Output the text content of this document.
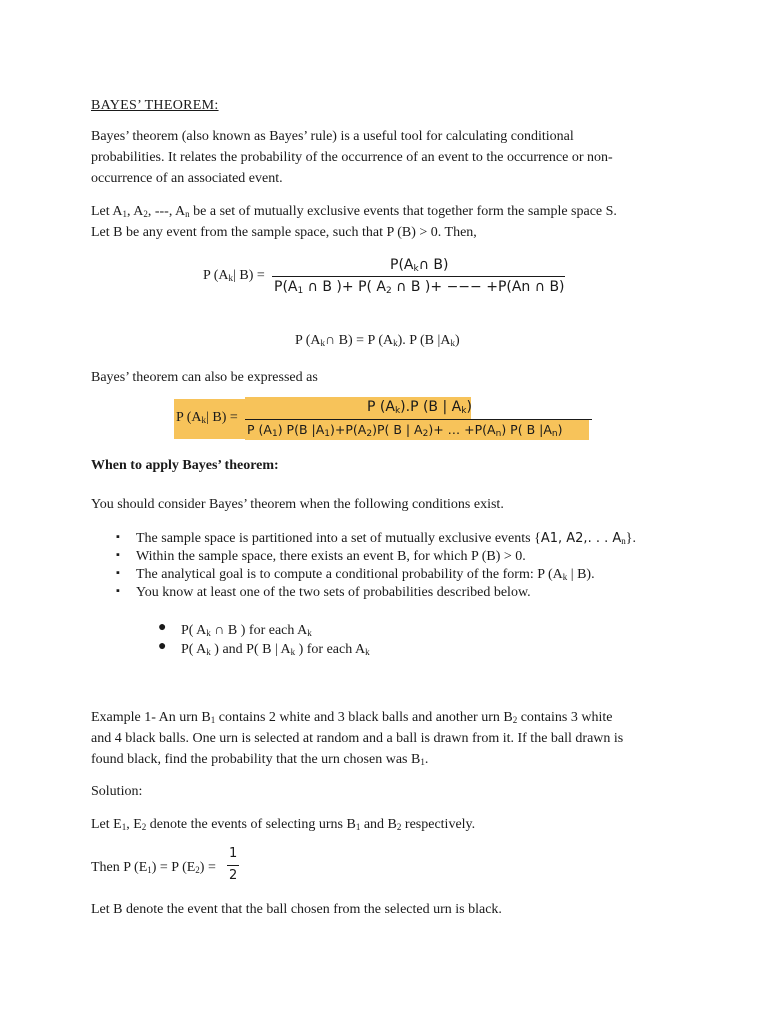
BAYES’ THEOREM:
Bayes’ theorem (also known as Bayes’ rule) is a useful tool for calculating conditional
probabilities. It relates the probability of the occurrence of an event to the occurrence or non-
occurrence of an associated event.
Let $A_1$, $A_2$, ---, $A_n$ be a set of mutually exclusive events that together form the sample space S.
Let B be any event from the sample space, such that P (B) > 0. Then,
P ($A_k|$ B) =
$P(A_k\cap$ B)
$P(A_1$ ∩ B )+ P( $A_2$ ∩ B )+ −−− +P(An ∩ B)
P ($A_k\cap$ B) = P $(A_k)$. P (B $|A_k$)
Bayes’ theorem can also be expressed as
P ($A_k|$ B) =
P $(A_k).P$ (B | $A_k$)
P $(A_1)$ P(B $|A_1)+P(A_2)P$( B | $A_2)+$ … $+P(A_n)$ P( B $|A_n$)
When to apply Bayes’ theorem:
You should consider Bayes’ theorem when the following conditions exist.
▪ The sample space is partitioned into a set of mutually exclusive events {A1, A2,. . . $A_n$}.
▪ Within the sample space, there exists an event B, for which P (B) > 0.
▪ The analytical goal is to compute a conditional probability of the form: P ($A_k$ | B).
▪ You know at least one of the two sets of probabilities described below.
● P( $A_k$ ∩ B ) for each $A_k$
● P( $A_k$ ) and P( B | $A_k$ ) for each $A_k$
Example 1- An urn $B_1$ contains 2 white and 3 black balls and another urn $B_2$ contains 3 white
and 4 black balls. One urn is selected at random and a ball is drawn from it. If the ball drawn is
found black, find the probability that the urn chosen was $B_1$.
Solution:
Let $E_1$, $E_2$ denote the events of selecting urns $B_1$ and $B_2$ respectively.
Then P $(E_1) = P$ $(E_2)$ =
1
2
Let B denote the event that the ball chosen from the selected urn is black.
